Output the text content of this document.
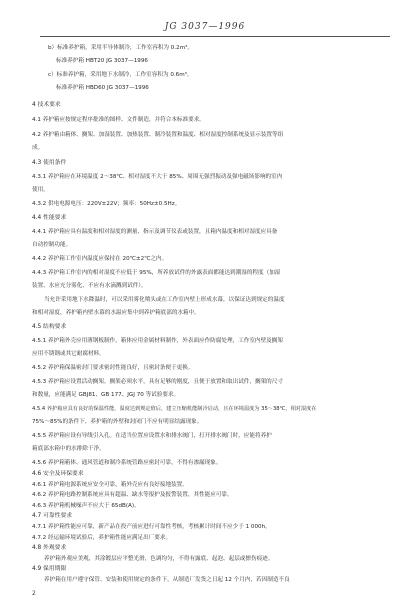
JG 3037—1996
b）标准养护箱，采用半导体制冷，工作室容积为 0.2m³。
标准养护箱 HBT20 JG 3037—1996
c）标准养护箱，采用地下水制冷，工作室容积为 0.6m³。
标准养护箱 HBD60 JG 3037—1996
4 技术要求
4.1 养护箱应按规定程序批准的图样、文件制造，并符合本标准要求。
4.2 养护箱由箱体、搁架、加湿装置、加热装置、制冷装置和温度、相对湿度控制系统及显示装置等组
成。
4.3 使用条件
4.3.1 养护箱应在环境温度 2～38℃、相对湿度不大于 85%、周围无强烈振动及强电磁场影响的室内
使用。
4.3.2 供电电源电压：220V±22V；频率：50Hz±0.5Hz。
4.4 性能要求
4.4.1 养护箱应具有温度和相对湿度的测量、指示及调节仪表或装置，且箱内温度和相对湿度应具备
自动控制功能。
4.4.2 养护箱工作室内温度应保持在 20℃±2℃之内。
4.4.3 养护箱工作室内的相对湿度不应低于 95%，所养放试件的外露表面都能达到潮湿的程度（加湿
装置、水应充分雾化、不应有水滴溅到试件）。
当允许采用地下水降温时，可以采用雾化喷头或在工作室内壁上形成水幕，以保证达到规定的温度
和相对湿度，养护箱内壁水幕的水温应集中到养护箱底部的水箱中。
4.5 结构要求
4.5.1 养护箱外壳应用薄钢板制作，箱体应用金属材料制作，外表面应作防腐处理，工作室内壁及搁架
应用不锈钢或其它耐腐材料。
4.5.2 养护箱保温密封门要求密封性能良好，且密封条便于更换。
4.5.3 养护箱应设置活动搁架，搁架必须水平，具有足够的刚度，且便于放置和取出试件，搁架的尺寸
和数量，应能满足 GBJ81、GB 177、JGJ 70 等试验要求。
4.5.4 养护箱应具有良好的保温性能，温度达到规定值后，建立压缩机能制冷启动，且在环境温度为 35～38℃、相对湿度在
75%～85%的条件下，养护箱的外壁和封闭门不应有明显结露现象。
4.5.5 养护箱应设有导线引入孔。在适当位置应设置水和排水阀门，打开排水阀门时，应能将养护
箱底部水箱中的水排除干净。
4.5.6 养护箱箱体、通风管道和制冷系统管路应密封可靠，不得有渗漏现象。
4.6 安全及环保要求
4.6.1 养护箱电源系统应安全可靠，箱外壳应有良好接地装置。
4.6.2 养护箱电路控制系统应具有超温、缺水等报护及报警装置，其性能应可靠。
4.6.3 养护箱机械噪声不应大于 65dB(A)。
4.7 可靠性要求
4.7.1 养护箱性能应可靠，新产品在投产前应进行可靠性考核，考核累计时间不应少于 1 000h。
4.7.2 经运输环境试验后，养护箱性能应满足出厂要求。
4.8 外观要求
养护箱外观应美观，其涂镀层应平整光滑，色调均匀，不得有露底、起泡、起层或擦伤痕迹。
4.9 保用期限
养护箱在用户遵守保管、安装和使用规定的条件下，从制造厂发货之日起 12 个月内，若因制造不良
2
